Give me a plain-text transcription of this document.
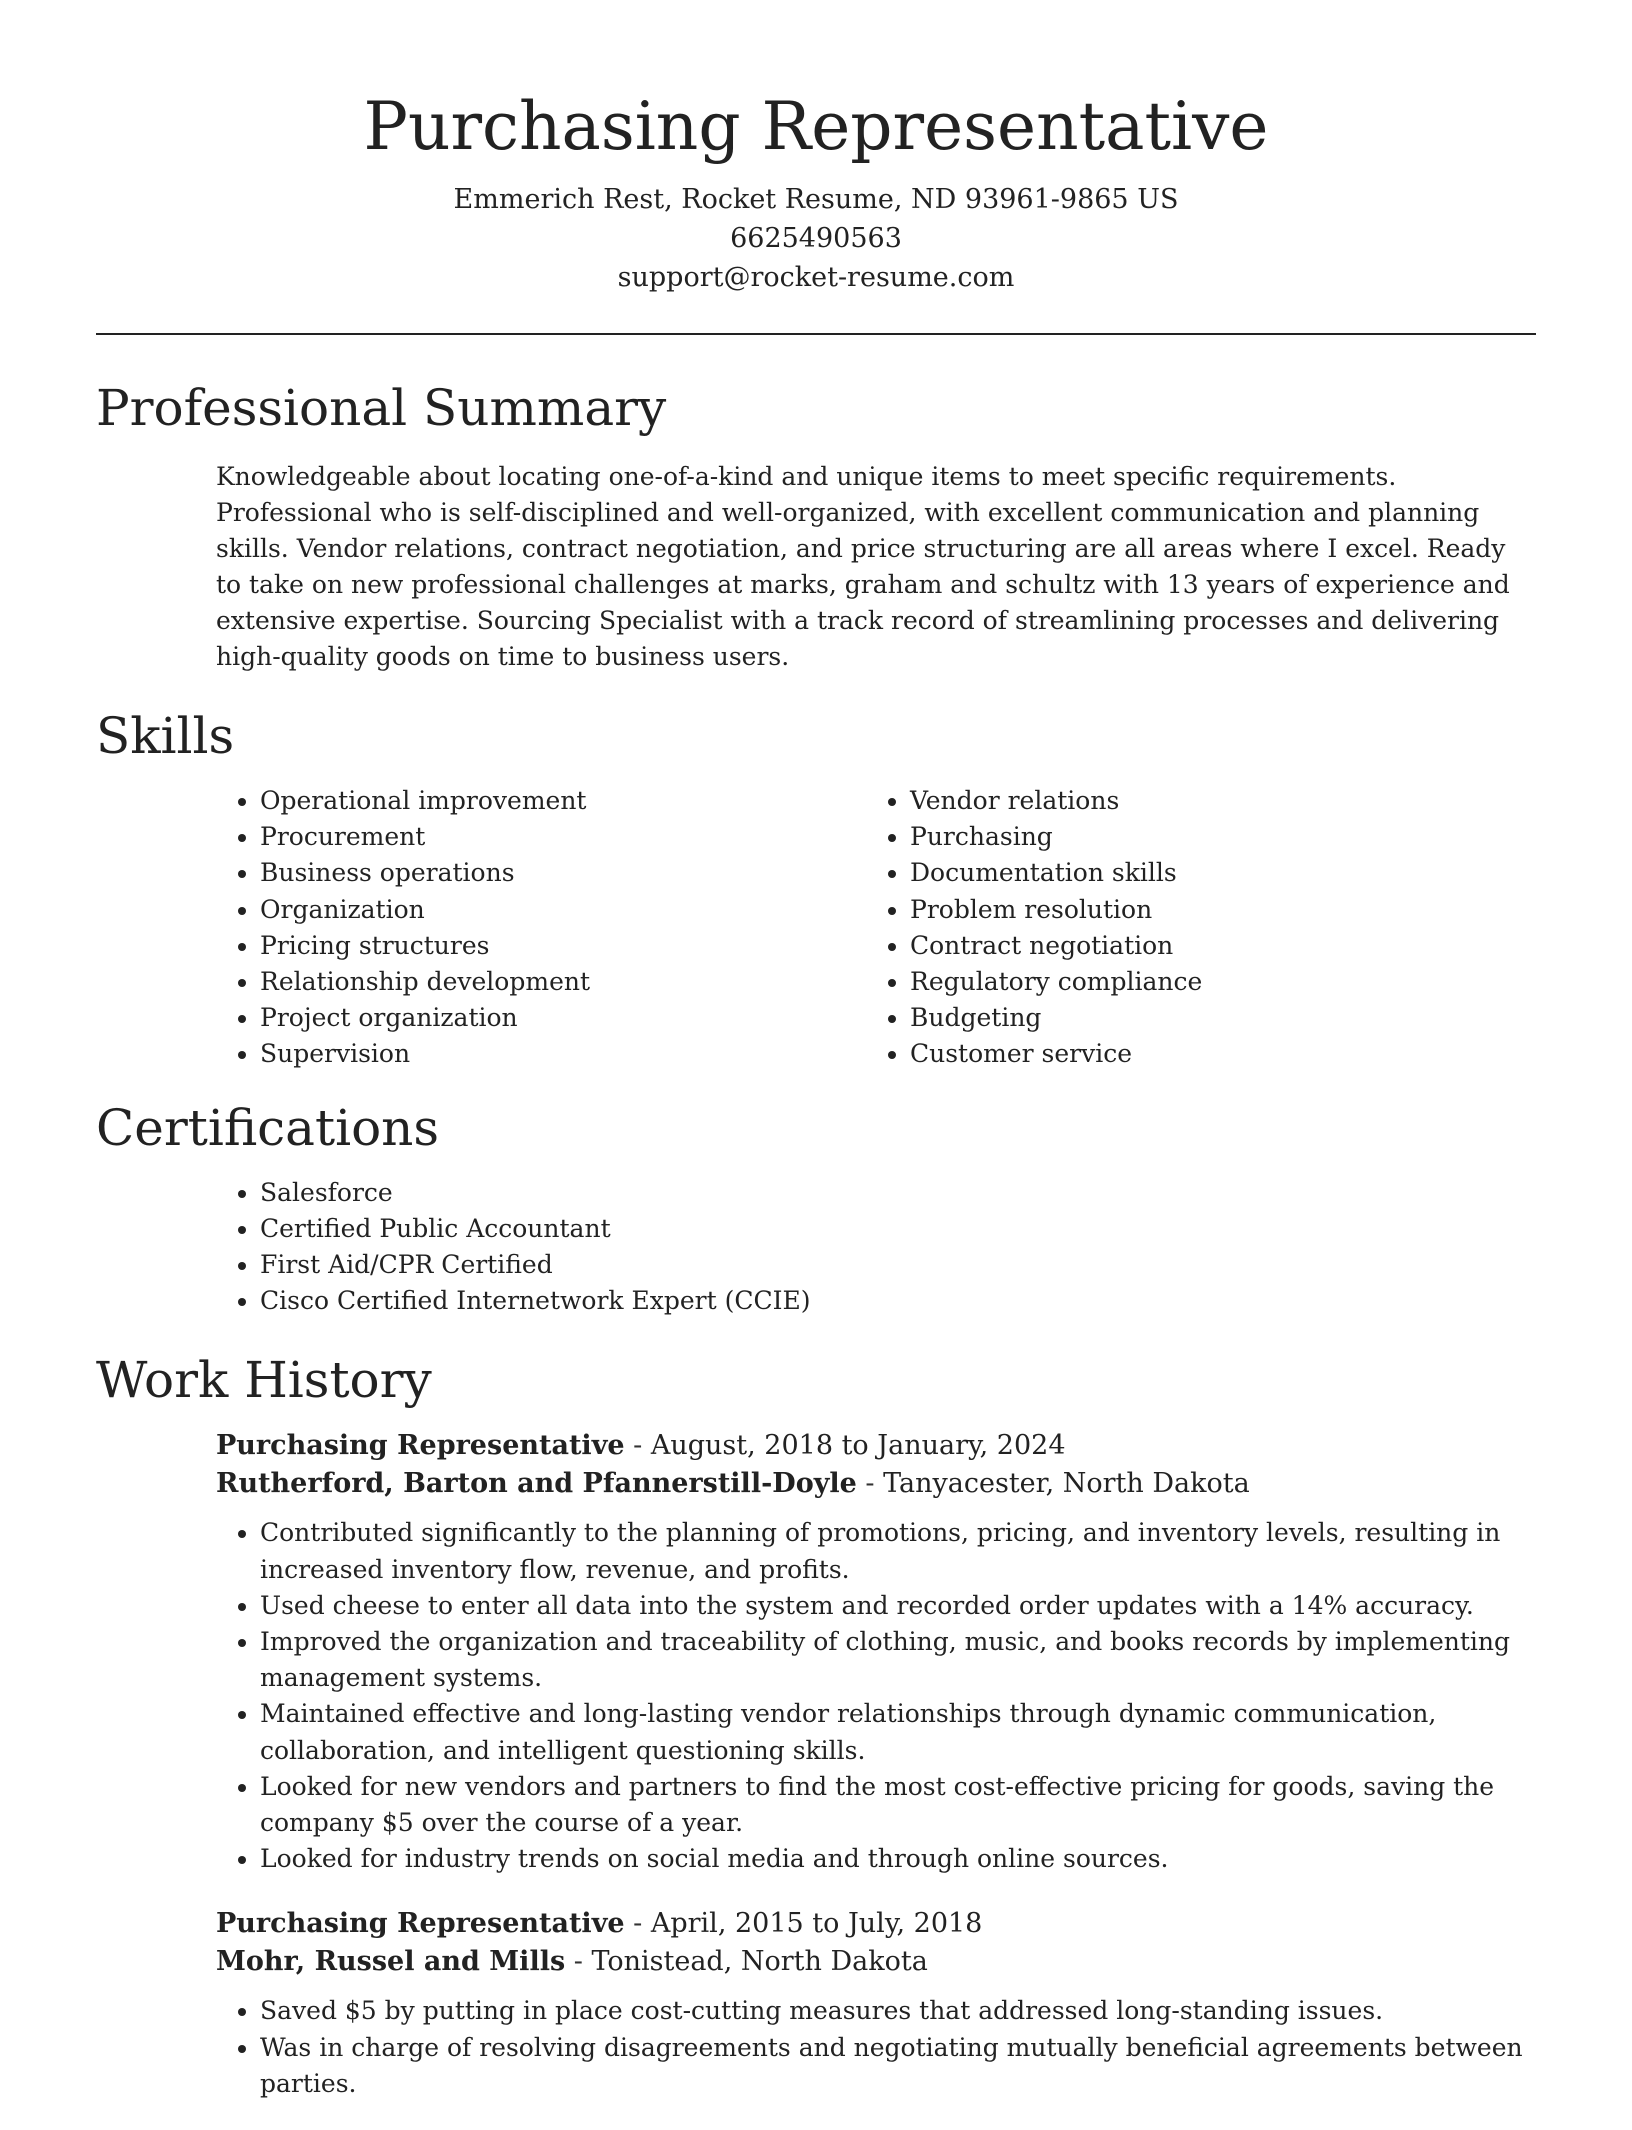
Purchasing Representative
Emmerich Rest, Rocket Resume, ND 93961-9865 US
6625490563
support@rocket-resume.com
Professional Summary

Knowledgeable about locating one-of-a-kind and unique items to meet specific requirements. Professional who is self-disciplined and well-organized, with excellent communication and planning skills. Vendor relations, contract negotiation, and price structuring are all areas where I excel. Ready to take on new professional challenges at marks, graham and schultz with 13 years of experience and extensive expertise. Sourcing Specialist with a track record of streamlining processes and delivering high-quality goods on time to business users.

Skills
• Operational improvement
• Procurement
• Business operations
• Organization
• Pricing structures
• Relationship development
• Project organization
• Supervision
• Vendor relations
• Purchasing
• Documentation skills
• Problem resolution
• Contract negotiation
• Regulatory compliance
• Budgeting
• Customer service
Certifications
• Salesforce
• Certified Public Accountant
• First Aid/CPR Certified
• Cisco Certified Internetwork Expert (CCIE)
Work History
Purchasing Representative - August, 2018 to January, 2024
Rutherford, Barton and Pfannerstill-Doyle - Tanyacester, North Dakota
• Contributed significantly to the planning of promotions, pricing, and inventory levels, resulting in increased inventory flow, revenue, and profits.
• Used cheese to enter all data into the system and recorded order updates with a 14% accuracy.
• Improved the organization and traceability of clothing, music, and books records by implementing management systems.
• Maintained effective and long-lasting vendor relationships through dynamic communication, collaboration, and intelligent questioning skills.
• Looked for new vendors and partners to find the most cost-effective pricing for goods, saving the company $5 over the course of a year.
• Looked for industry trends on social media and through online sources.
Purchasing Representative - April, 2015 to July, 2018
Mohr, Russel and Mills - Tonistead, North Dakota
• Saved $5 by putting in place cost-cutting measures that addressed long-standing issues.
• Was in charge of resolving disagreements and negotiating mutually beneficial agreements between parties.
